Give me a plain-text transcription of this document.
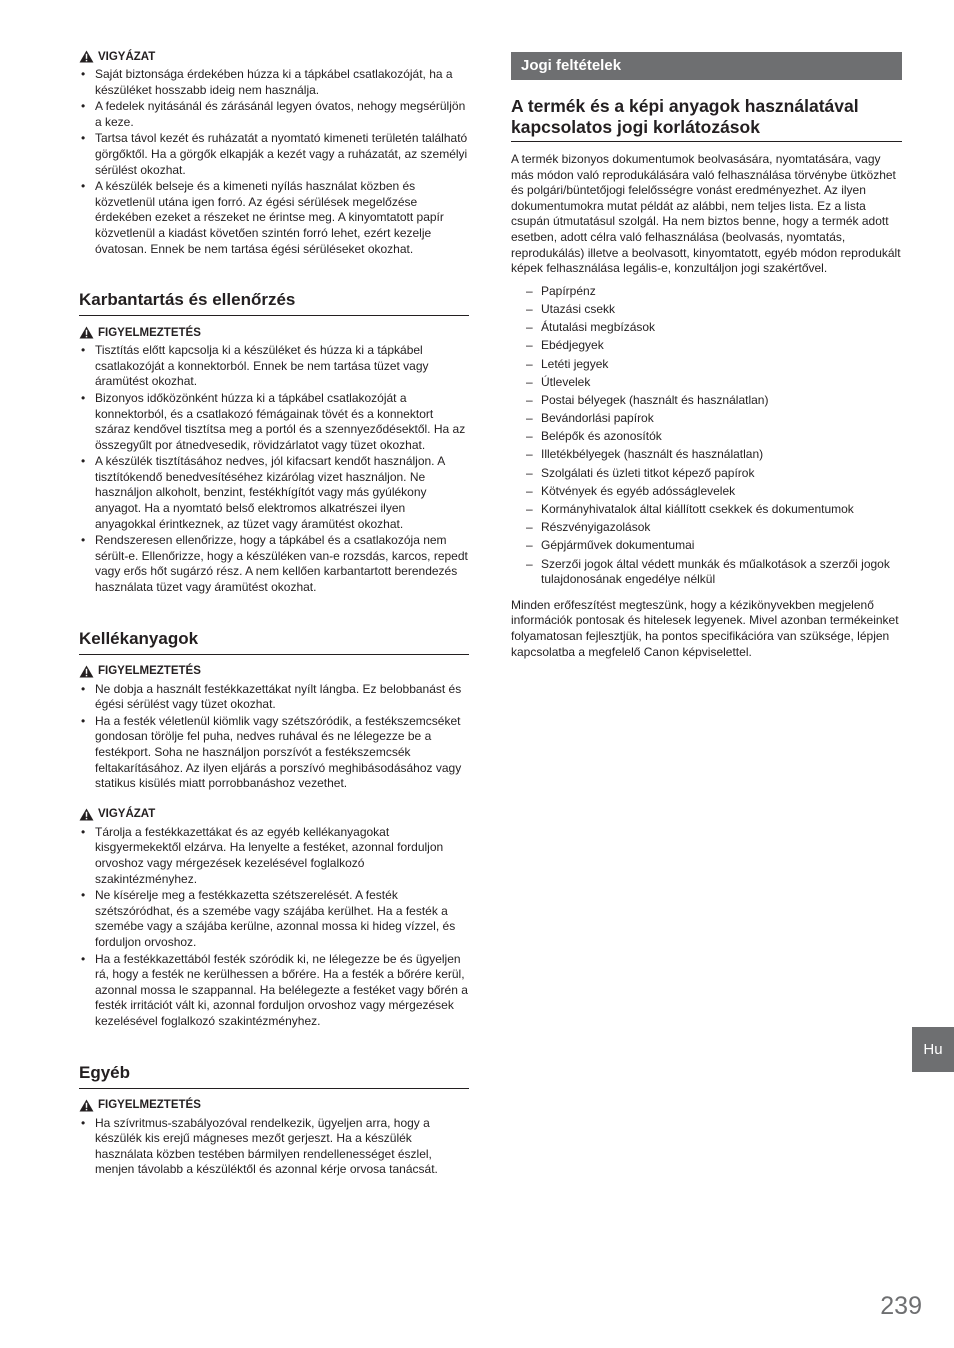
VIGYÁZAT
• Saját biztonsága érdekében húzza ki a tápkábel csatlakozóját, ha a készüléket hosszabb ideig nem használja.
• A fedelek nyitásánál és zárásánál legyen óvatos, nehogy megsérüljön a keze.
• Tartsa távol kezét és ruházatát a nyomtató kimeneti területén található görgőktől. Ha a görgők elkapják a kezét vagy a ruházatát, az személyi sérülést okozhat.
• A készülék belseje és a kimeneti nyílás használat közben és közvetlenül utána igen forró. Az égési sérülések megelőzése érdekében ezeket a részeket ne érintse meg. A kinyomtatott papír közvetlenül a kiadást követően szintén forró lehet, ezért kezelje óvatosan. Ennek be nem tartása égési sérüléseket okozhat.
Karbantartás és ellenőrzés
FIGYELMEZTETÉS
• Tisztítás előtt kapcsolja ki a készüléket és húzza ki a tápkábel csatlakozóját a konnektorból. Ennek be nem tartása tüzet vagy áramütést okozhat.
• Bizonyos időközönként húzza ki a tápkábel csatlakozóját a konnektorból, és a csatlakozó fémágainak tövét és a konnektort száraz kendővel tisztítsa meg a portól és a szennyeződésektől. Ha az összegyűlt por átnedvesedik, rövidzárlatot vagy tüzet okozhat.
• A készülék tisztításához nedves, jól kifacsart kendőt használjon. A tisztítókendő benedvesítéséhez kizárólag vizet használjon. Ne használjon alkoholt, benzint, festékhígítót vagy más gyúlékony anyagot. Ha a nyomtató belső elektromos alkatrészei ilyen anyagokkal érintkeznek, az tüzet vagy áramütést okozhat.
• Rendszeresen ellenőrizze, hogy a tápkábel és a csatlakozója nem sérült-e. Ellenőrizze, hogy a készüléken van-e rozsdás, karcos, repedt vagy erős hőt sugárzó rész. A nem kellően karbantartott berendezés használata tüzet vagy áramütést okozhat.
Kellékanyagok
FIGYELMEZTETÉS
• Ne dobja a használt festékkazettákat nyílt lángba. Ez belobbanást és égési sérülést vagy tüzet okozhat.
• Ha a festék véletlenül kiömlik vagy szétszóródik, a festékszemcséket gondosan törölje fel puha, nedves ruhával és ne lélegezze be a festékport. Soha ne használjon porszívót a festékszemcsék feltakarításához. Az ilyen eljárás a porszívó meghibásodásához vagy statikus kisülés miatt porrobbanáshoz vezethet.
VIGYÁZAT
• Tárolja a festékkazettákat és az egyéb kellékanyagokat kisgyermekektől elzárva. Ha lenyelte a festéket, azonnal forduljon orvoshoz vagy mérgezések kezelésével foglalkozó szakintézményhez.
• Ne kísérelje meg a festékkazetta szétszerelését. A festék szétszóródhat, és a szemébe vagy szájába kerülhet. Ha a festék a szemébe vagy a szájába kerülne, azonnal mossa ki hideg vízzel, és forduljon orvoshoz.
• Ha a festékkazettából festék szóródik ki, ne lélegezze be és ügyeljen rá, hogy a festék ne kerülhessen a bőrére. Ha a festék a bőrére kerül, azonnal mossa le szappannal. Ha belélegezte a festéket vagy bőrén a festék irritációt vált ki, azonnal forduljon orvoshoz vagy mérgezések kezelésével foglalkozó szakintézményhez.
Egyéb
FIGYELMEZTETÉS
• Ha szívritmus-szabályozóval rendelkezik, ügyeljen arra, hogy a készülék kis erejű mágneses mezőt gerjeszt. Ha a készülék használata közben testében bármilyen rendellenességet észlel, menjen távolabb a készüléktől és azonnal kérje orvosa tanácsát.
Jogi feltételek
A termék és a képi anyagok használatával kapcsolatos jogi korlátozások

A termék bizonyos dokumentumok beolvasására, nyomtatására, vagy más módon való reprodukálására való felhasználása törvénybe ütközhet és polgári/büntetőjogi felelősségre vonást eredményezhet. Az ilyen dokumentumokra mutat példát az alábbi, nem teljes lista. Ez a lista csupán útmutatásul szolgál. Ha nem biztos benne, hogy a termék adott esetben, adott célra való felhasználása (beolvasás, nyomtatás, reprodukálás) illetve a beolvasott, kinyomtatott, egyéb módon reprodukált képek felhasználása legális-e, konzultáljon jogi szakértővel.

– Papírpénz
– Utazási csekk
– Átutalási megbízások
– Ebédjegyek
– Letéti jegyek
– Útlevelek
– Postai bélyegek (használt és használatlan)
– Bevándorlási papírok
– Belépők és azonosítók
– Illetékbélyegek (használt és használatlan)
– Szolgálati és üzleti titkot képező papírok
– Kötvények és egyéb adósságlevelek
– Kormányhivatalok által kiállított csekkek és dokumentumok
– Részvényigazolások
– Gépjárművek dokumentumai
– Szerzői jogok által védett munkák és műalkotások a szerzői jogok tulajdonosának engedélye nélkül

Minden erőfeszítést megteszünk, hogy a kézikönyvekben megjelenő információk pontosak és hitelesek legyenek. Mivel azonban termékeinket folyamatosan fejlesztjük, ha pontos specifikációra van szüksége, lépjen kapcsolatba a megfelelő Canon képviselettel.

Hu
239
